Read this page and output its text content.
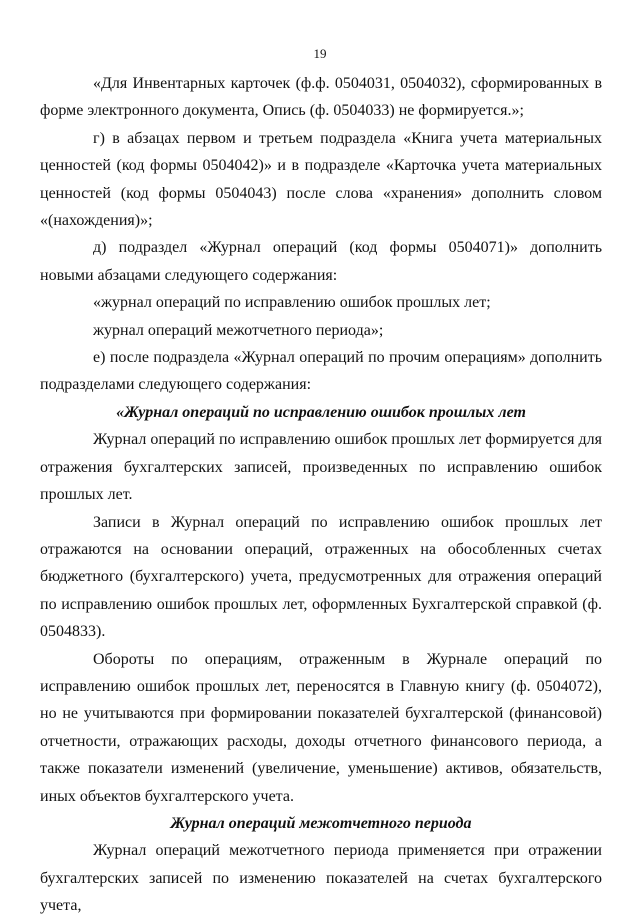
19

«Для Инвентарных карточек (ф.ф. 0504031, 0504032), сформированных в форме электронного документа, Опись (ф. 0504033) не формируется.»;

г) в абзацах первом и третьем подраздела «Книга учета материальных ценностей (код формы 0504042)» и в подразделе «Карточка учета материальных ценностей (код формы 0504043) после слова «хранения» дополнить словом «(нахождения)»;

д) подраздел «Журнал операций (код формы 0504071)» дополнить новыми абзацами следующего содержания:

«журнал операций по исправлению ошибок прошлых лет;

журнал операций межотчетного периода»;

е) после подраздела «Журнал операций по прочим операциям» дополнить подразделами следующего содержания:

«Журнал операций по исправлению ошибок прошлых лет

Журнал операций по исправлению ошибок прошлых лет формируется для отражения бухгалтерских записей, произведенных по исправлению ошибок прошлых лет.

Записи в Журнал операций по исправлению ошибок прошлых лет отражаются на основании операций, отраженных на обособленных счетах бюджетного (бухгалтерского) учета, предусмотренных для отражения операций по исправлению ошибок прошлых лет, оформленных Бухгалтерской справкой (ф. 0504833).

Обороты по операциям, отраженным в Журнале операций по исправлению ошибок прошлых лет, переносятся в Главную книгу (ф. 0504072), но не учитываются при формировании показателей бухгалтерской (финансовой) отчетности, отражающих расходы, доходы отчетного финансового периода, а также показатели изменений (увеличение, уменьшение) активов, обязательств, иных объектов бухгалтерского учета.

Журнал операций межотчетного периода

Журнал операций межотчетного периода применяется при отражении бухгалтерских записей по изменению показателей на счетах бухгалтерского учета,
